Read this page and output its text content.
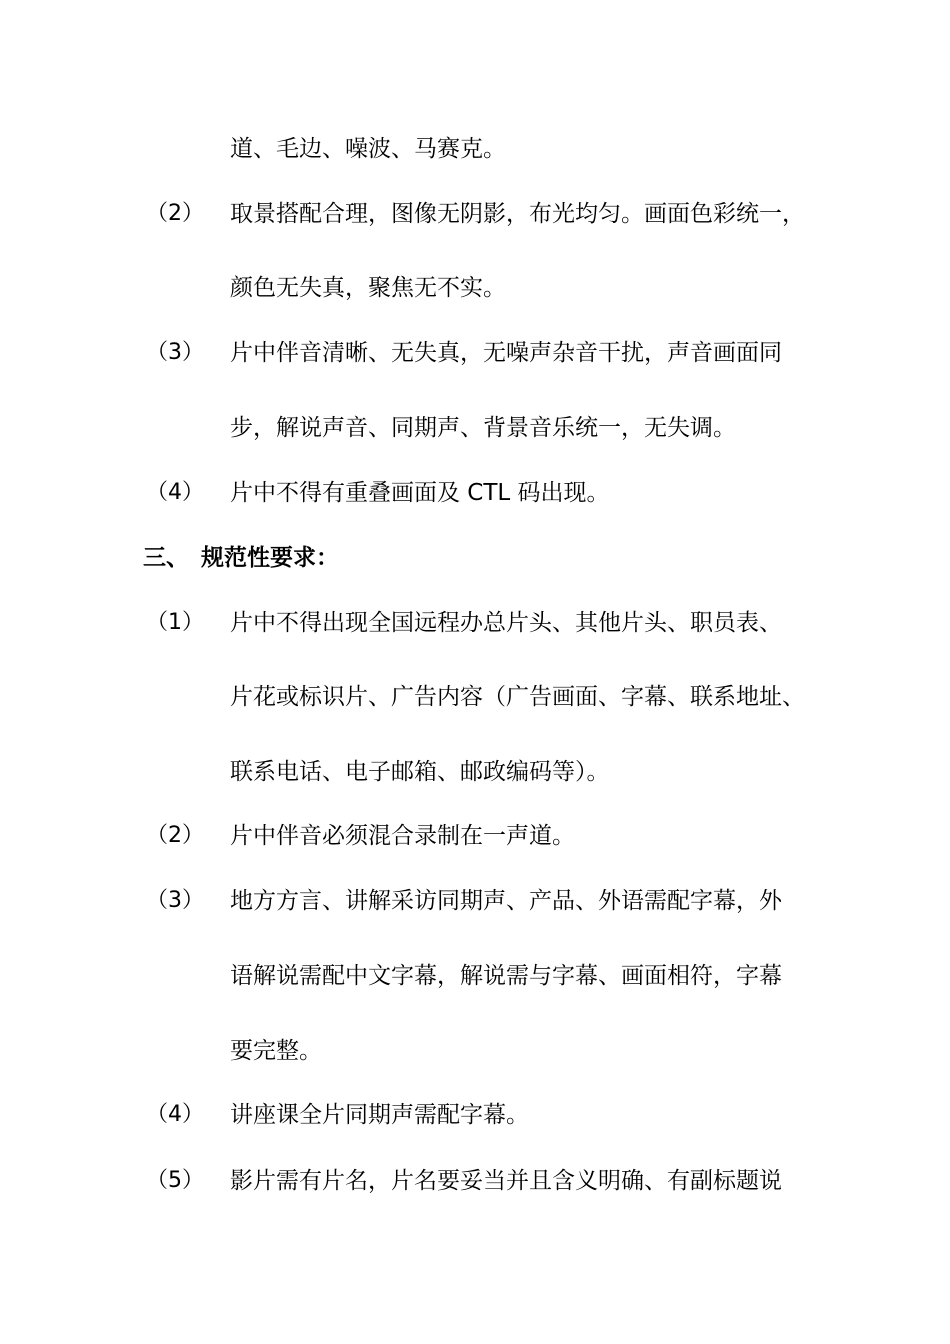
道、毛边、噪波、马赛克。
（2） 取景搭配合理，图像无阴影，布光均匀。画面色彩统一，
颜色无失真，聚焦无不实。
（3） 片中伴音清晰、无失真，无噪声杂音干扰，声音画面同
步，解说声音、同期声、背景音乐统一，无失调。
（4） 片中不得有重叠画面及 CTL 码出现。
三、 规范性要求：
（1） 片中不得出现全国远程办总片头、其他片头、职员表、
片花或标识片、广告内容（广告画面、字幕、联系地址、
联系电话、电子邮箱、邮政编码等）。
（2） 片中伴音必须混合录制在一声道。
（3） 地方方言、讲解采访同期声、产品、外语需配字幕，外
语解说需配中文字幕，解说需与字幕、画面相符，字幕
要完整。
（4） 讲座课全片同期声需配字幕。
（5） 影片需有片名，片名要妥当并且含义明确、有副标题说
